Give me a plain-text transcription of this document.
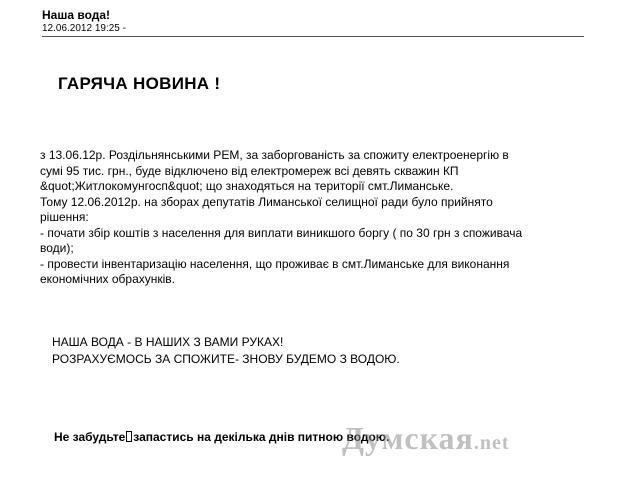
Наша вода!
12.06.2012 19:25 -
ГАРЯЧА НОВИНА !
з 13.06.12р. Роздільнянськими РЕМ, за заборгованість за спожиту електроенергію в
сумі 95 тис. грн., буде відключено від електромереж всі девять скважин КП
&quot;Житлокомунгосп&quot; що знаходяться на території смт.Лиманське.
Тому 12.06.2012р. на зборах депутатів Лиманської селищної ради було прийнято
рішення:
- почати збір коштів з населення для виплати виникшого боргу ( по 30 грн з споживача
води);
- провести інвентаризацію населення, що проживає в смт.Лиманське для виконання
економічних обрахунків.
НАША ВОДА - В НАШИХ З ВАМИ РУКАХ!
РОЗРАХУЄМОСЬ ЗА СПОЖИТЕ- ЗНОВУ БУДЕМО З ВОДОЮ.
Не забудьте запастись на декілька днів питною водою.
Думская.net
